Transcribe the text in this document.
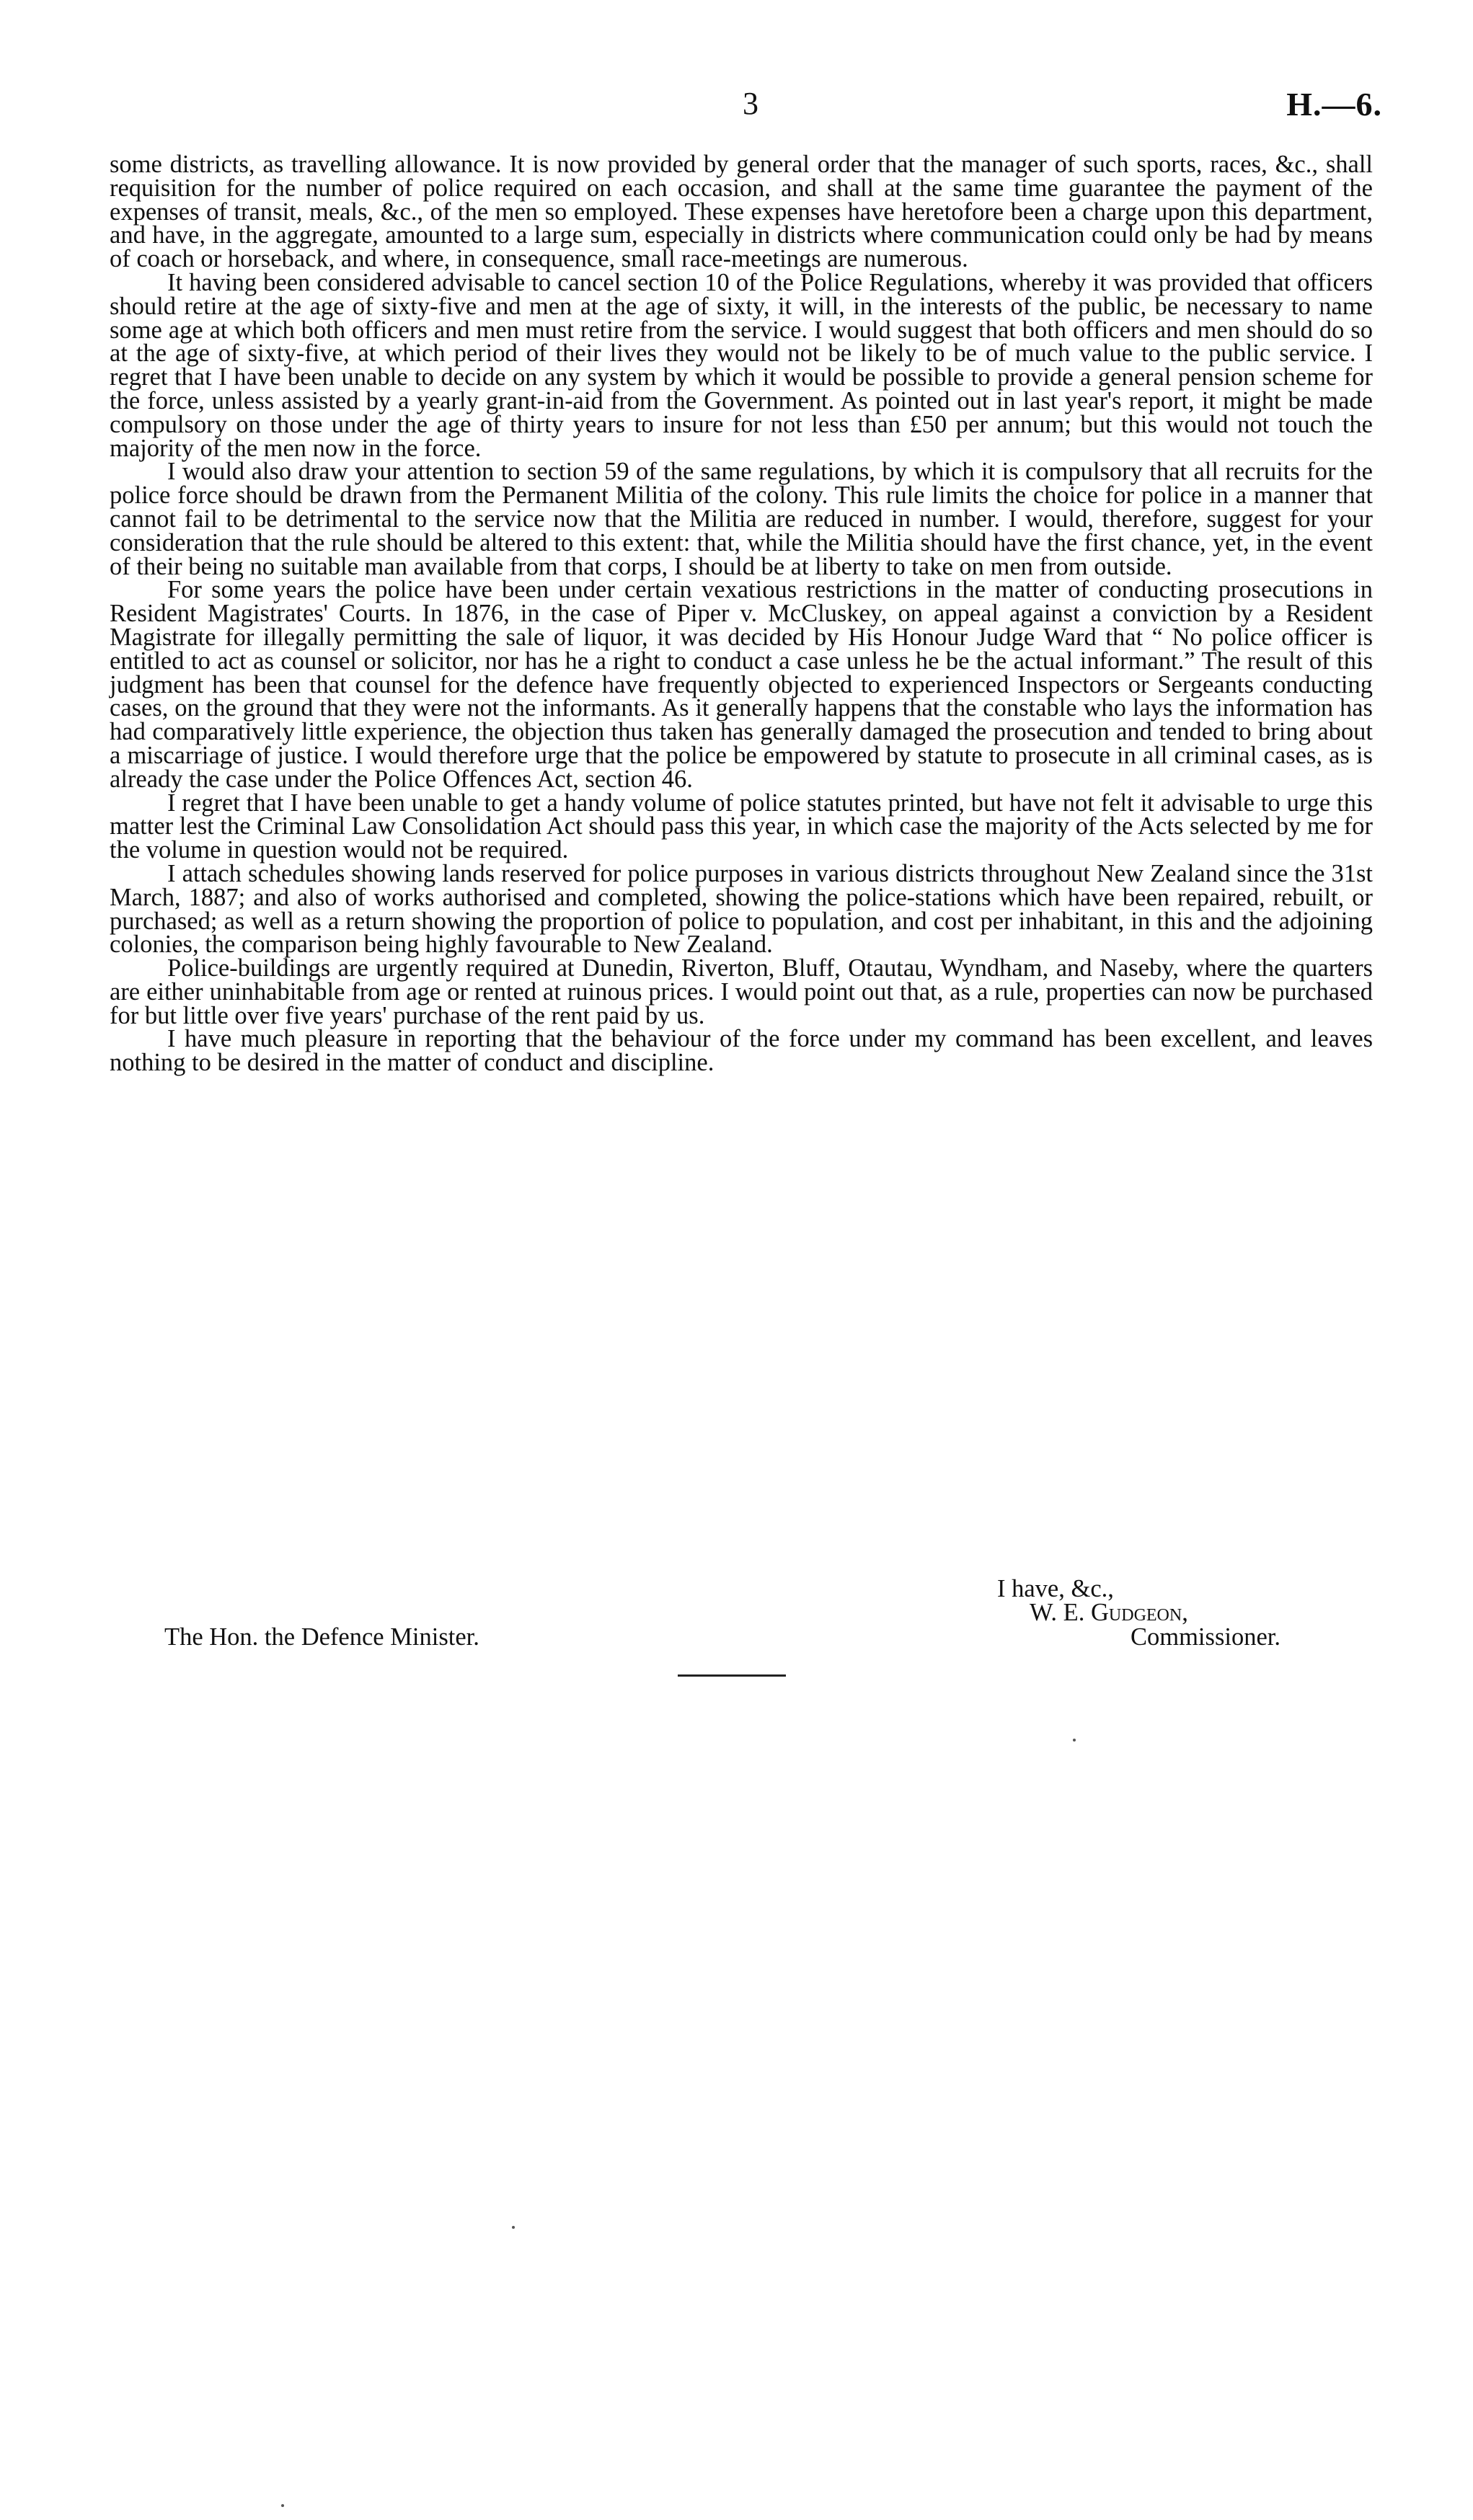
3	H.—6.

some districts, as travelling allowance. It is now provided by general order that the manager of such sports, races, &c., shall requisition for the number of police required on each occasion, and shall at the same time guarantee the payment of the expenses of transit, meals, &c., of the men so employed. These expenses have heretofore been a charge upon this department, and have, in the aggregate, amounted to a large sum, especially in districts where communication could only be had by means of coach or horseback, and where, in consequence, small race-meetings are numerous.

It having been considered advisable to cancel section 10 of the Police Regulations, whereby it was provided that officers should retire at the age of sixty-five and men at the age of sixty, it will, in the interests of the public, be necessary to name some age at which both officers and men must retire from the service. I would suggest that both officers and men should do so at the age of sixty-five, at which period of their lives they would not be likely to be of much value to the public service. I regret that I have been unable to decide on any system by which it would be possible to provide a general pension scheme for the force, unless assisted by a yearly grant-in-aid from the Government. As pointed out in last year's report, it might be made compulsory on those under the age of thirty years to insure for not less than £50 per annum; but this would not touch the majority of the men now in the force.

I would also draw your attention to section 59 of the same regulations, by which it is compulsory that all recruits for the police force should be drawn from the Permanent Militia of the colony. This rule limits the choice for police in a manner that cannot fail to be detrimental to the service now that the Militia are reduced in number. I would, therefore, suggest for your consideration that the rule should be altered to this extent: that, while the Militia should have the first chance, yet, in the event of their being no suitable man available from that corps, I should be at liberty to take on men from outside.

For some years the police have been under certain vexatious restrictions in the matter of conducting prosecutions in Resident Magistrates' Courts. In 1876, in the case of Piper v. McCluskey, on appeal against a conviction by a Resident Magistrate for illegally permitting the sale of liquor, it was decided by His Honour Judge Ward that “ No police officer is entitled to act as counsel or solicitor, nor has he a right to conduct a case unless he be the actual informant.” The result of this judgment has been that counsel for the defence have frequently objected to experienced Inspectors or Sergeants conducting cases, on the ground that they were not the informants. As it generally happens that the constable who lays the information has had comparatively little experience, the objection thus taken has generally damaged the prosecution and tended to bring about a miscarriage of justice. I would therefore urge that the police be empowered by statute to prosecute in all criminal cases, as is already the case under the Police Offences Act, section 46.

I regret that I have been unable to get a handy volume of police statutes printed, but have not felt it advisable to urge this matter lest the Criminal Law Consolidation Act should pass this year, in which case the majority of the Acts selected by me for the volume in question would not be required.

I attach schedules showing lands reserved for police purposes in various districts throughout New Zealand since the 31st March, 1887; and also of works authorised and completed, showing the police-stations which have been repaired, rebuilt, or purchased; as well as a return showing the proportion of police to population, and cost per inhabitant, in this and the adjoining colonies, the comparison being highly favourable to New Zealand.

Police-buildings are urgently required at Dunedin, Riverton, Bluff, Otautau, Wyndham, and Naseby, where the quarters are either uninhabitable from age or rented at ruinous prices. I would point out that, as a rule, properties can now be purchased for but little over five years' purchase of the rent paid by us.

I have much pleasure in reporting that the behaviour of the force under my command has been excellent, and leaves nothing to be desired in the matter of conduct and discipline.

I have, &c.,
W. E. Gudgeon,
The Hon. the Defence Minister.	Commissioner.
